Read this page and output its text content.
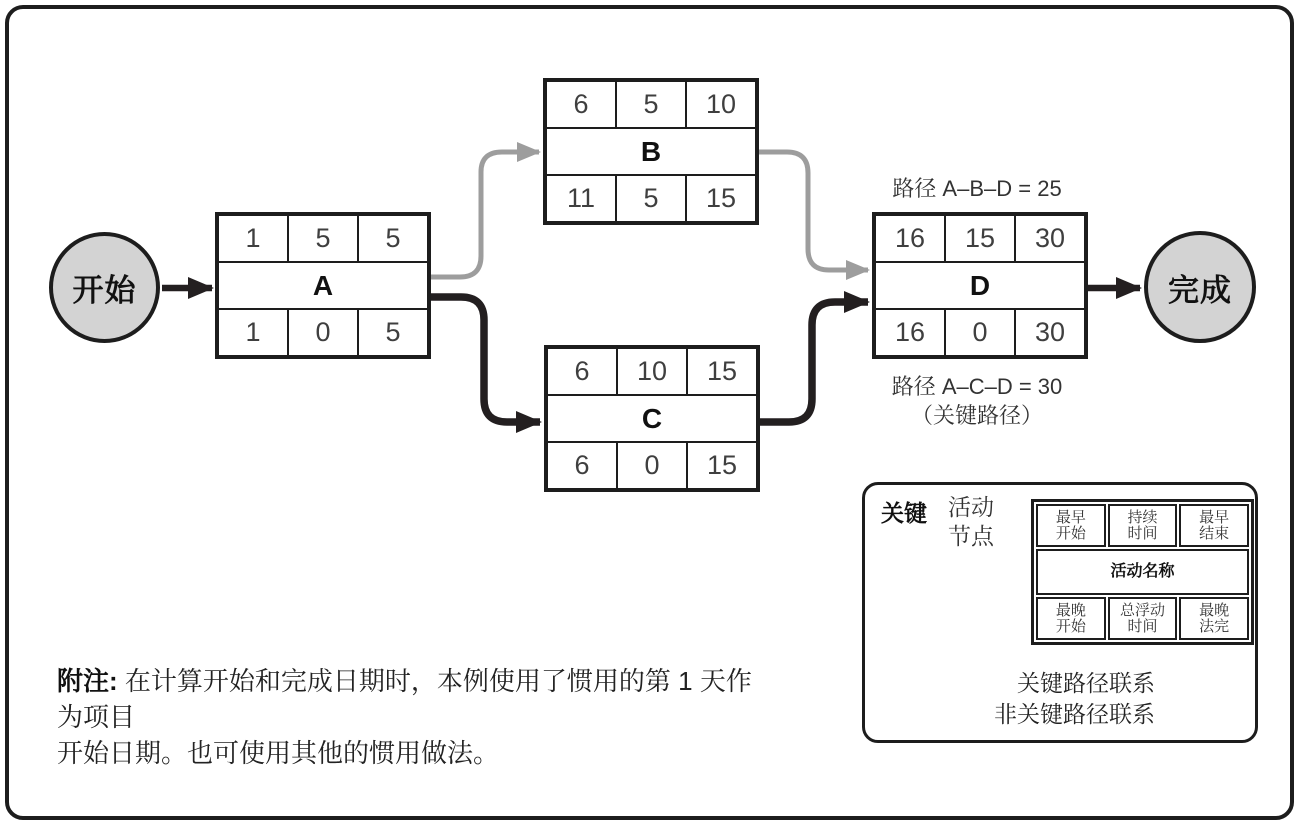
开始	完成
1	5	5
A
1	0	5
6	5	10
B
11	5	15
6	10	15
C
6	0	15
16	15	30
D
16	0	30
路径 A–B–D = 25
路径 A–C–D = 30
（关键路径）
关键 活动
节点
最早
开始
持续
时间
最早
结束
活动名称
最晚
开始
总浮动
时间
最晚
法完
关键路径联系
非关键路径联系
附注: 在计算开始和完成日期时，本例使用了惯用的第 1 天作为项目
开始日期。也可使用其他的惯用做法。
